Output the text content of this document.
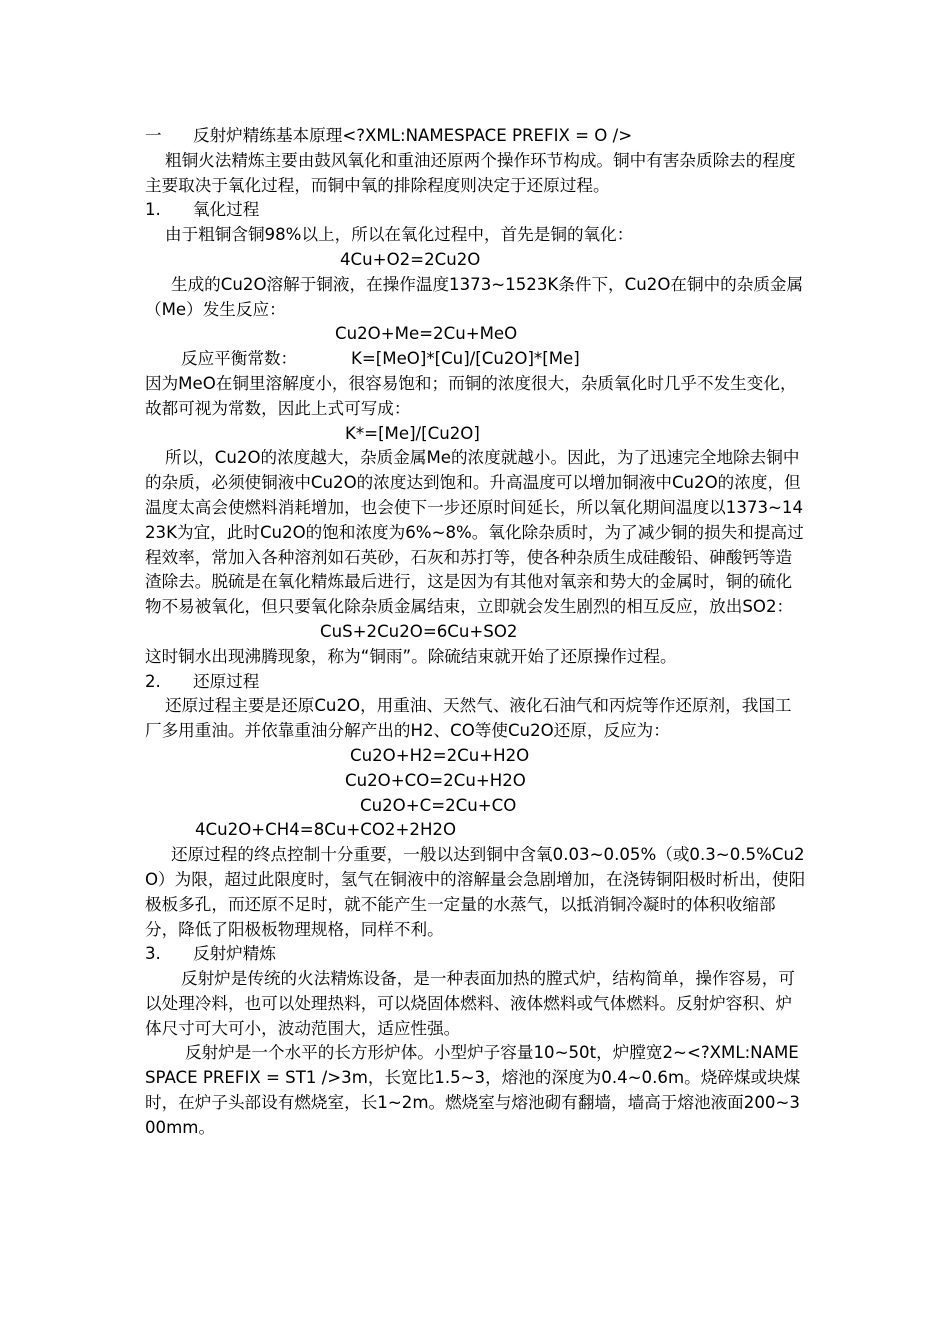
一 反射炉精练基本原理<?XML:NAMESPACE PREFIX = O />

粗铜火法精炼主要由鼓风氧化和重油还原两个操作环节构成。铜中有害杂质除去的程度主要取决于氧化过程，而铜中氧的排除程度则决定于还原过程。

1. 氧化过程

由于粗铜含铜98%以上，所以在氧化过程中，首先是铜的氧化：

4Cu+O2=2Cu2O

生成的Cu2O溶解于铜液，在操作温度1373~1523K条件下，Cu2O在铜中的杂质金属（Me）发生反应：

Cu2O+Me=2Cu+MeO

反应平衡常数：	K=[MeO]*[Cu]/[Cu2O]*[Me]

因为MeO在铜里溶解度小，很容易饱和；而铜的浓度很大，杂质氧化时几乎不发生变化，故都可视为常数，因此上式可写成：

K*=[Me]/[Cu2O]

所以，Cu2O的浓度越大，杂质金属Me的浓度就越小。因此，为了迅速完全地除去铜中的杂质，必须使铜液中Cu2O的浓度达到饱和。升高温度可以增加铜液中Cu2O的浓度，但温度太高会使燃料消耗增加，也会使下一步还原时间延长，所以氧化期间温度以1373~1423K为宜，此时Cu2O的饱和浓度为6%~8%。氧化除杂质时，为了减少铜的损失和提高过程效率，常加入各种溶剂如石英砂，石灰和苏打等，使各种杂质生成硅酸铅、砷酸钙等造渣除去。脱硫是在氧化精炼最后进行，这是因为有其他对氧亲和势大的金属时，铜的硫化物不易被氧化，但只要氧化除杂质金属结束，立即就会发生剧烈的相互反应，放出SO2：

CuS+2Cu2O=6Cu+SO2

这时铜水出现沸腾现象，称为“铜雨”。除硫结束就开始了还原操作过程。

2. 还原过程

还原过程主要是还原Cu2O，用重油、天然气、液化石油气和丙烷等作还原剂，我国工厂多用重油。并依靠重油分解产出的H2、CO等使Cu2O还原，反应为：

Cu2O+H2=2Cu+H2O

Cu2O+CO=2Cu+H2O

Cu2O+C=2Cu+CO

4Cu2O+CH4=8Cu+CO2+2H2O

还原过程的终点控制十分重要，一般以达到铜中含氧0.03~0.05%（或0.3~0.5%Cu2O）为限，超过此限度时，氢气在铜液中的溶解量会急剧增加，在浇铸铜阳极时析出，使阳极板多孔，而还原不足时，就不能产生一定量的水蒸气，以抵消铜冷凝时的体积收缩部分，降低了阳极板物理规格，同样不利。

3. 反射炉精炼

反射炉是传统的火法精炼设备，是一种表面加热的膛式炉，结构简单，操作容易，可以处理冷料，也可以处理热料，可以烧固体燃料、液体燃料或气体燃料。反射炉容积、炉体尺寸可大可小，波动范围大，适应性强。

反射炉是一个水平的长方形炉体。小型炉子容量10~50t，炉膛宽2~<?XML:NAMESPACE PREFIX = ST1 />3m，长宽比1.5~3，熔池的深度为0.4~0.6m。烧碎煤或块煤时，在炉子头部设有燃烧室，长1~2m。燃烧室与熔池砌有翻墙，墙高于熔池液面200~300mm。
